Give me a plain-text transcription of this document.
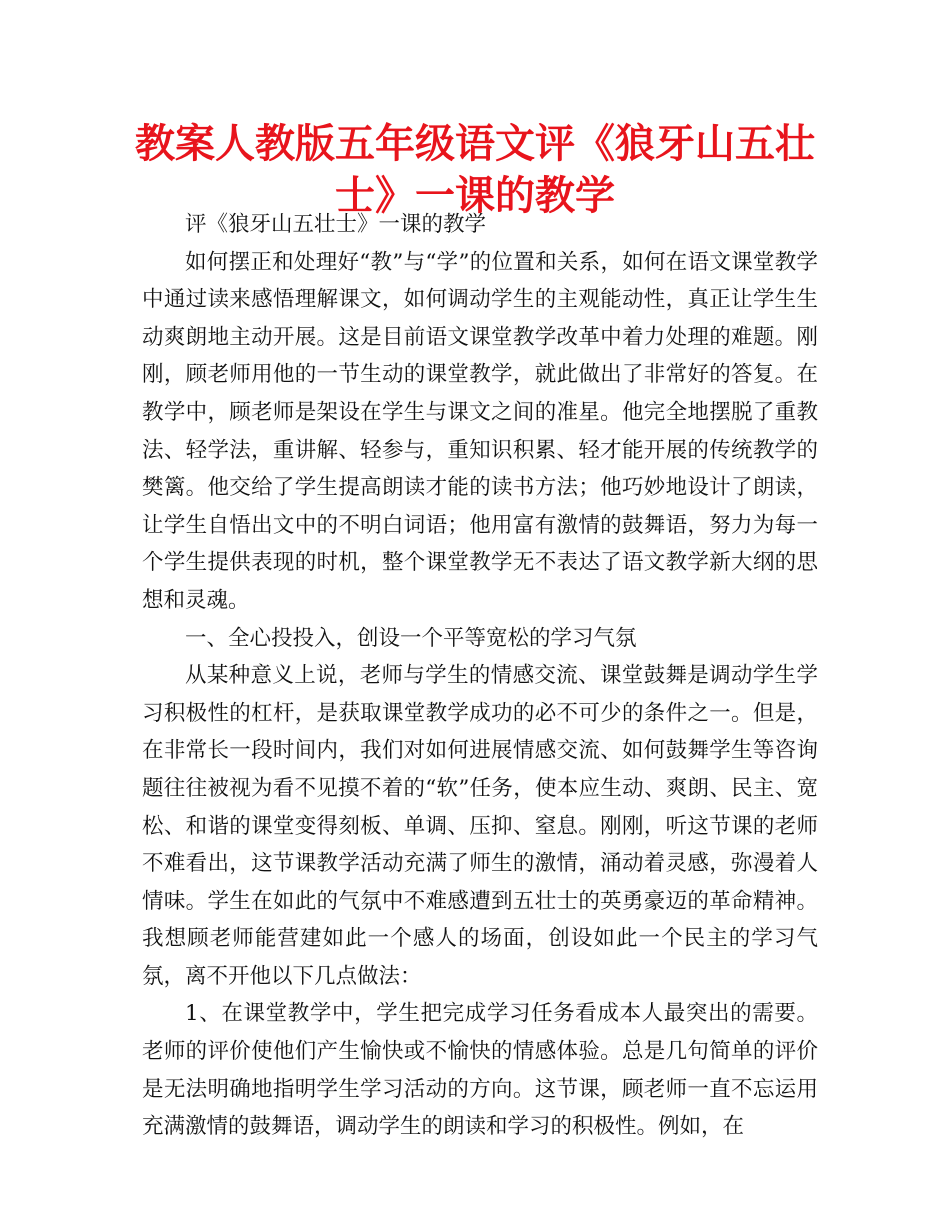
教案人教版五年级语文评《狼牙山五壮士》一课的教学

评《狼牙山五壮士》一课的教学

如何摆正和处理好“教”与“学”的位置和关系，如何在语文课堂教学中通过读来感悟理解课文，如何调动学生的主观能动性，真正让学生生动爽朗地主动开展。这是目前语文课堂教学改革中着力处理的难题。刚刚，顾老师用他的一节生动的课堂教学，就此做出了非常好的答复。在教学中，顾老师是架设在学生与课文之间的准星。他完全地摆脱了重教法、轻学法，重讲解、轻参与，重知识积累、轻才能开展的传统教学的樊篱。他交给了学生提高朗读才能的读书方法；他巧妙地设计了朗读，让学生自悟出文中的不明白词语；他用富有激情的鼓舞语，努力为每一个学生提供表现的时机，整个课堂教学无不表达了语文教学新大纲的思想和灵魂。

一、全心投投入，创设一个平等宽松的学习气氛

从某种意义上说，老师与学生的情感交流、课堂鼓舞是调动学生学习积极性的杠杆，是获取课堂教学成功的必不可少的条件之一。但是，在非常长一段时间内，我们对如何进展情感交流、如何鼓舞学生等咨询题往往被视为看不见摸不着的“软”任务，使本应生动、爽朗、民主、宽松、和谐的课堂变得刻板、单调、压抑、窒息。刚刚，听这节课的老师不难看出，这节课教学活动充满了师生的激情，涌动着灵感，弥漫着人情味。学生在如此的气氛中不难感遭到五壮士的英勇豪迈的革命精神。我想顾老师能营建如此一个感人的场面，创设如此一个民主的学习气氛，离不开他以下几点做法：

1、在课堂教学中，学生把完成学习任务看成本人最突出的需要。老师的评价使他们产生愉快或不愉快的情感体验。总是几句简单的评价是无法明确地指明学生学习活动的方向。这节课，顾老师一直不忘运用充满激情的鼓舞语，调动学生的朗读和学习的积极性。例如，在
